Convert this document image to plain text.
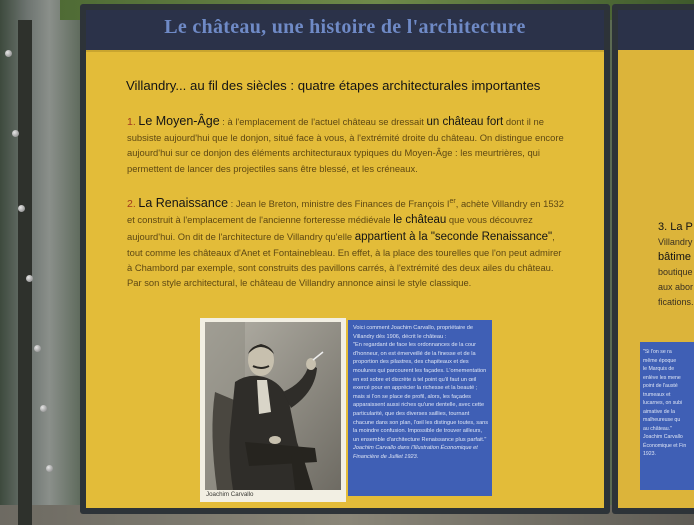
Le château, une histoire de l'architecture
Villandry... au fil des siècles : quatre étapes architecturales importantes
1. Le Moyen-Âge : à l'emplacement de l'actuel château se dressait un château fort dont il ne subsiste aujourd'hui que le donjon, situé face à vous, à l'extrémité droite du château. On distingue encore aujourd'hui sur ce donjon des éléments architecturaux typiques du Moyen-Âge : les meurtrières, qui permettent de lancer des projectiles sans être blessé, et les créneaux.
2. La Renaissance : Jean le Breton, ministre des Finances de François Ier, achète Villandry en 1532 et construit à l'emplacement de l'ancienne forteresse médiévale le château que vous découvrez aujourd'hui. On dit de l'architecture de Villandry qu'elle appartient à la "seconde Renaissance", tout comme les châteaux d'Anet et Fontainebleau. En effet, à la place des tourelles que l'on peut admirer à Chambord par exemple, sont construits des pavillons carrés, à l'extrémité des deux ailes du château. Par son style architectural, le château de Villandry annonce ainsi le style classique.
Joachim Carvallo
Voici comment Joachim Carvallo, propriétaire de Villandry dès 1906, décrit le château :
"En regardant de face les ordonnances de la cour d'honneur, on est émerveillé de la finesse et de la proportion des pilastres, des chapiteaux et des moulures qui parcourent les façades. L'ornementation en est sobre et discrète à tel point qu'il faut un œil exercé pour en apprécier la richesse et la beauté ; mais si l'on se place de profil, alors, les façades apparaissent aussi riches qu'une dentelle, avec cette particularité, que des diverses saillies, tournant chacune dans son plan, l'œil les distingue toutes, sans la moindre confusion. Impossible de trouver ailleurs, un ensemble d'architecture Renaissance plus parfait."
Joachim Carvallo dans l'Illustration Économique et Financière de Juillet 1923.
3. La P
Villandry
bâtime
boutique
aux abor
fications.
"Si l'on se ra
même époque
le Marquis de
enlève les mene
point de l'austé
trumeaux et
lucarnes, on subi
aimative de la
malheureuse qu
au château."
Joachim Carvallo
Économique et Fin
1923.
